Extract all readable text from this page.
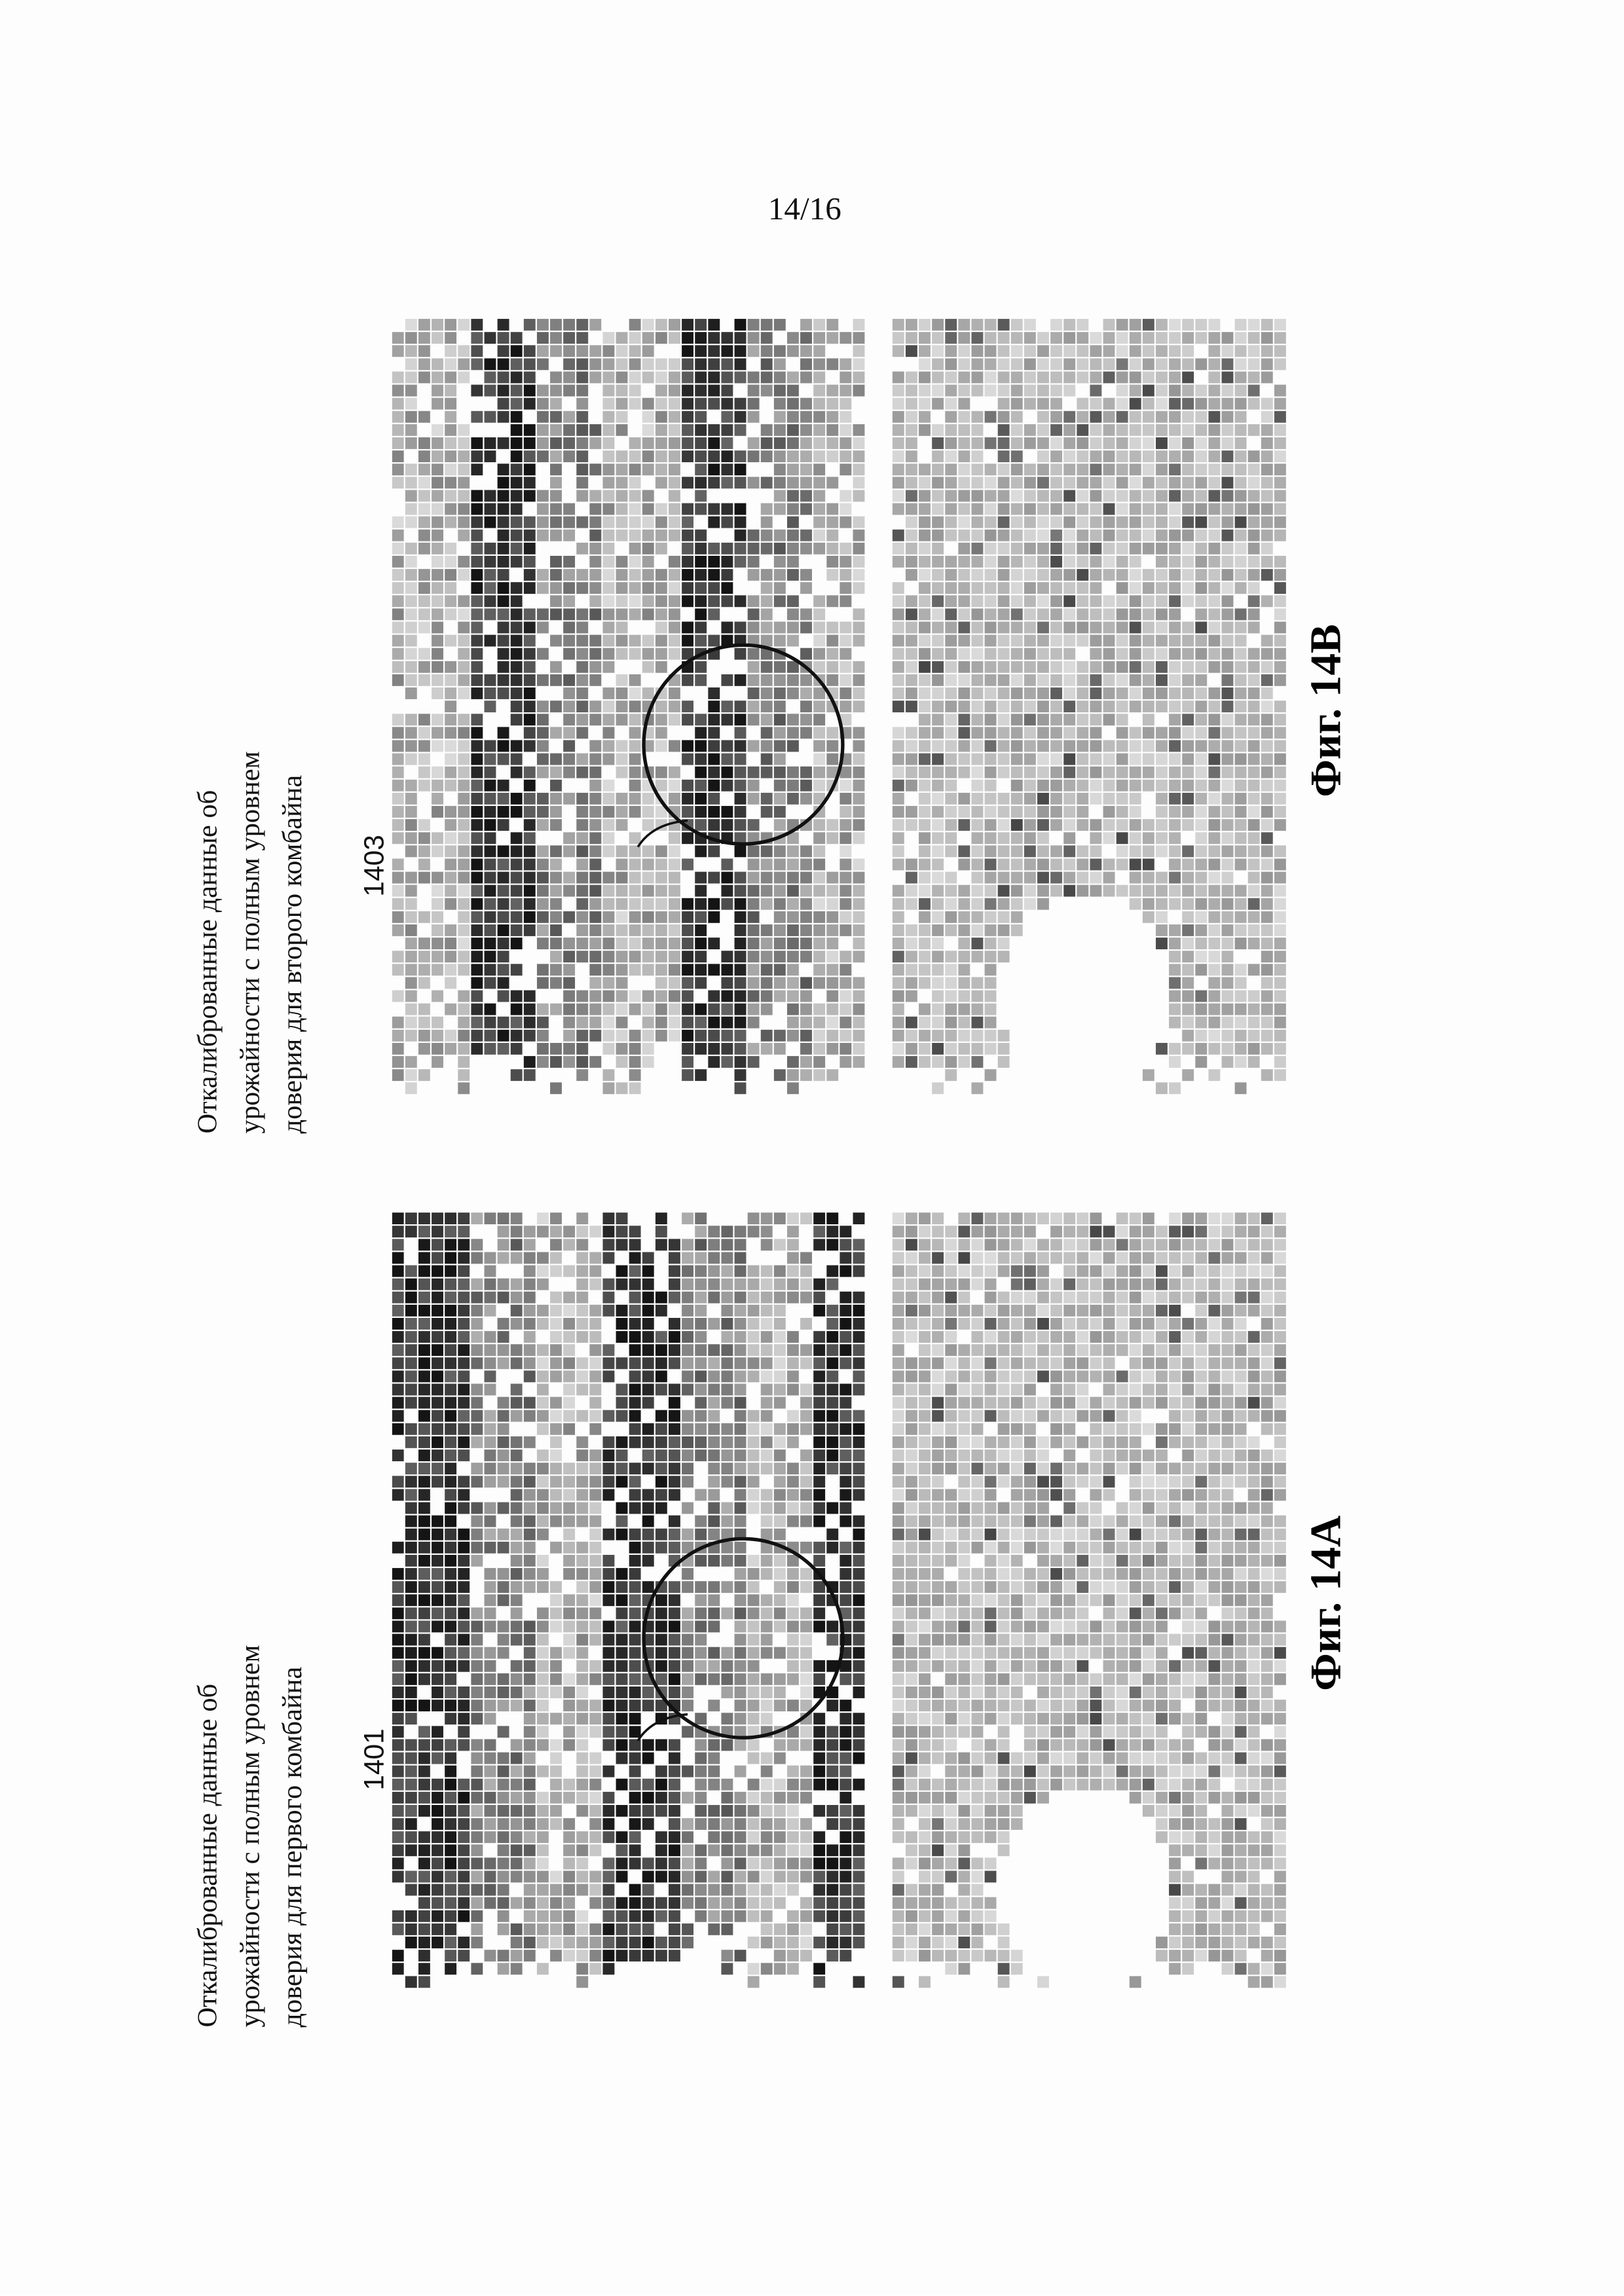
14/16
Откалиброванные данные об урожайности с полным уровнем доверия для второго комбайна	1403
Фиг. 14B
Откалиброванные данные об урожайности с полным уровнем доверия для первого комбайна	1401
Фиг. 14A
